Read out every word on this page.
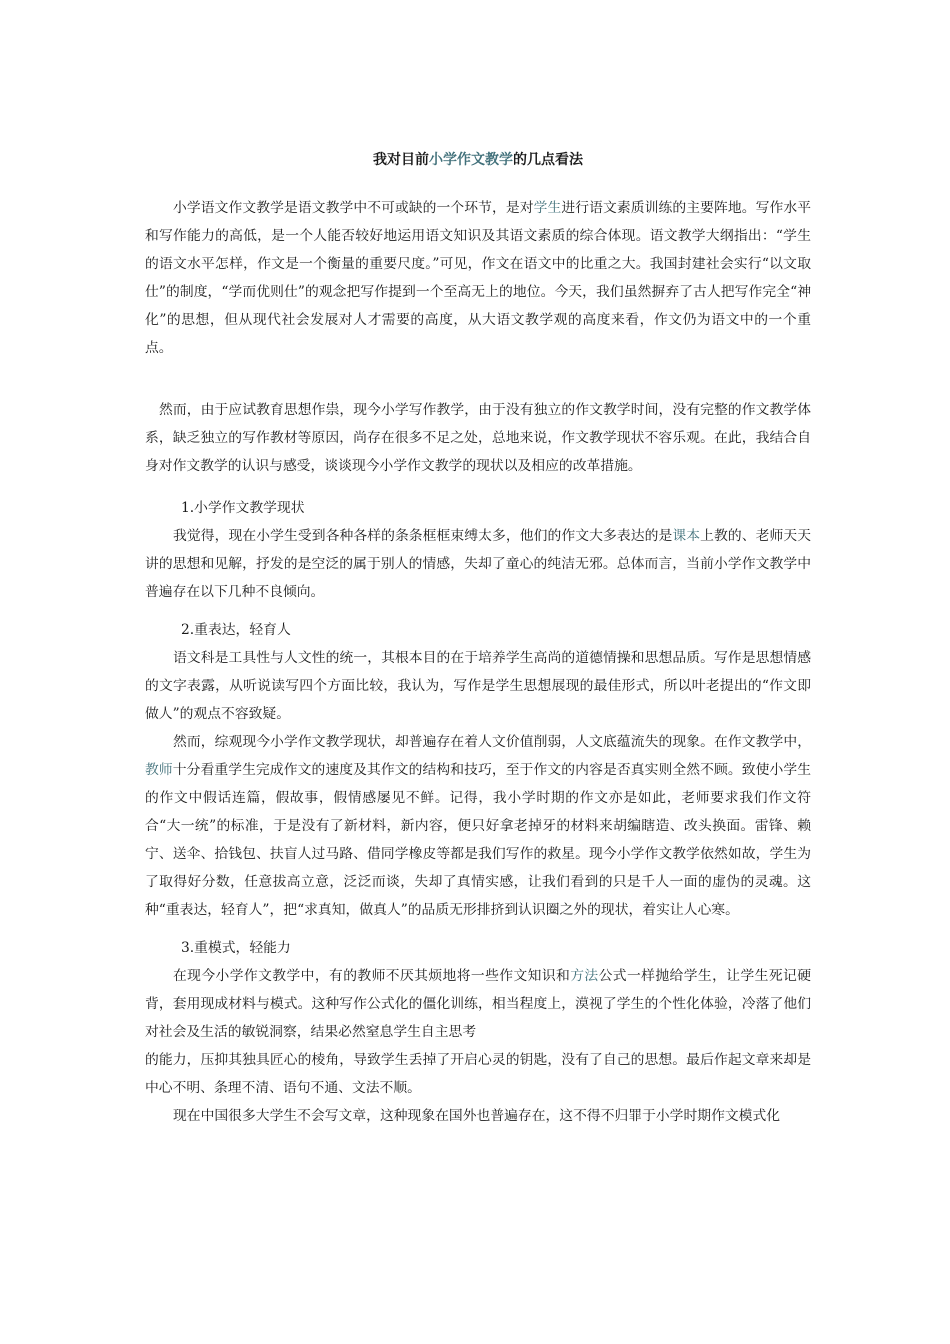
我对目前小学作文教学的几点看法

小学语文作文教学是语文教学中不可或缺的一个环节，是对学生进行语文素质训练的主要阵地。写作水平和写作能力的高低，是一个人能否较好地运用语文知识及其语文素质的综合体现。语文教学大纲指出：“学生的语文水平怎样，作文是一个衡量的重要尺度。”可见，作文在语文中的比重之大。我国封建社会实行“以文取仕”的制度，“学而优则仕”的观念把写作提到一个至高无上的地位。今天，我们虽然摒弃了古人把写作完全“神化”的思想，但从现代社会发展对人才需要的高度，从大语文教学观的高度来看，作文仍为语文中的一个重点。

然而，由于应试教育思想作祟，现今小学写作教学，由于没有独立的作文教学时间，没有完整的作文教学体系，缺乏独立的写作教材等原因，尚存在很多不足之处，总地来说，作文教学现状不容乐观。在此，我结合自身对作文教学的认识与感受，谈谈现今小学作文教学的现状以及相应的改革措施。

1.小学作文教学现状

我觉得，现在小学生受到各种各样的条条框框束缚太多，他们的作文大多表达的是课本上教的、老师天天讲的思想和见解，抒发的是空泛的属于别人的情感，失却了童心的纯洁无邪。总体而言，当前小学作文教学中普遍存在以下几种不良倾向。

2.重表达，轻育人

语文科是工具性与人文性的统一，其根本目的在于培养学生高尚的道德情操和思想品质。写作是思想情感的文字表露，从听说读写四个方面比较，我认为，写作是学生思想展现的最佳形式，所以叶老提出的“作文即做人”的观点不容致疑。

然而，综观现今小学作文教学现状，却普遍存在着人文价值削弱，人文底蕴流失的现象。在作文教学中，教师十分看重学生完成作文的速度及其作文的结构和技巧，至于作文的内容是否真实则全然不顾。致使小学生的作文中假话连篇，假故事，假情感屡见不鲜。记得，我小学时期的作文亦是如此，老师要求我们作文符合“大一统”的标准，于是没有了新材料，新内容，便只好拿老掉牙的材料来胡编瞎造、改头换面。雷锋、赖宁、送伞、拾钱包、扶盲人过马路、借同学橡皮等都是我们写作的救星。现今小学作文教学依然如故，学生为了取得好分数，任意拔高立意，泛泛而谈，失却了真情实感，让我们看到的只是千人一面的虚伪的灵魂。这种“重表达，轻育人”，把“求真知，做真人”的品质无形排挤到认识圈之外的现状，着实让人心寒。

3.重模式，轻能力

在现今小学作文教学中，有的教师不厌其烦地将一些作文知识和方法公式一样抛给学生，让学生死记硬背，套用现成材料与模式。这种写作公式化的僵化训练，相当程度上，漠视了学生的个性化体验，冷落了他们对社会及生活的敏锐洞察，结果必然窒息学生自主思考

的能力，压抑其独具匠心的棱角，导致学生丢掉了开启心灵的钥匙，没有了自己的思想。最后作起文章来却是中心不明、条理不清、语句不通、文法不顺。

现在中国很多大学生不会写文章，这种现象在国外也普遍存在，这不得不归罪于小学时期作文模式化
